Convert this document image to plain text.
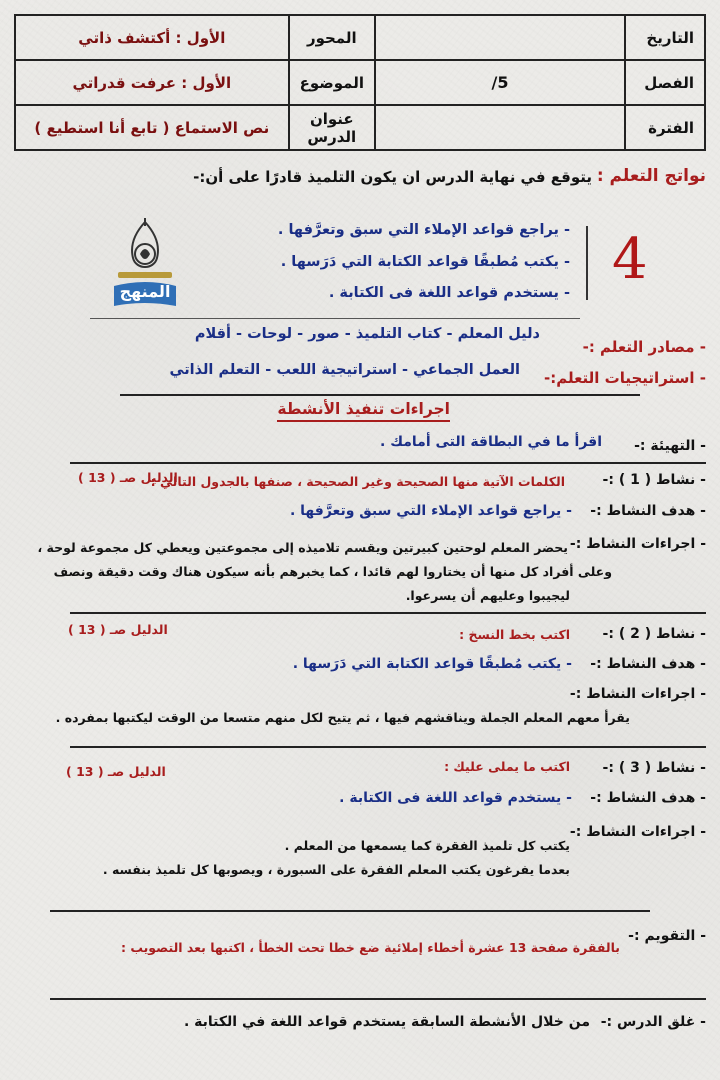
التاريخ		المحور	الأول : أكتشف ذاتي
الفصل	5/	الموضوع	الأول : عرفت قدراتي
الفترة		عنوان الدرس	نص الاستماع ( تابع أنا استطيع )
نواتج التعلم :
يتوقع في نهاية الدرس ان يكون التلميذ قادرًا على أن:-
4
- يراجع قواعد الإملاء التي سبق وتعرَّفها .
- يكتب مُطبقًا قواعد الكتابة التي دَرَسها .
- يستخدم قواعد اللغة فى الكتابة .
المنهج
- مصادر التعلم :-
دليل المعلم - كتاب التلميذ - صور - لوحات - أقلام
- استراتيجيات التعلم:-
العمل الجماعي - استراتيجية اللعب - التعلم الذاتي
اجراءات تنفيذ الأنشطة
- التهيئة :-
اقرأ ما في البطاقة التى أمامك .
- نشاط ( 1 ) :-
الكلمات الآتية منها الصحيحة وغير الصحيحة ، صنفها بالجدول التالي :
الدليل صـ ( 13 )
- هدف النشاط :-
- يراجع قواعد الإملاء التي سبق وتعرَّفها .
- اجراءات النشاط :-
يحضر المعلم لوحتين كبيرتين ويقسم تلاميذه إلى مجموعتين ويعطي كل مجموعة لوحة ،
وعلى أفراد كل منها أن يختاروا لهم قائدا ، كما يخبرهم بأنه سيكون هناك وقت دقيقة ونصف
ليجيبوا وعليهم أن يسرعوا.
- نشاط ( 2 ) :-
اكتب بخط النسخ :
الدليل صـ ( 13 )
- هدف النشاط :-
- يكتب مُطبقًا قواعد الكتابة التي دَرَسها .
- اجراءات النشاط :-
يقرأ معهم المعلم الجملة ويناقشهم فيها ، ثم يتيح لكل منهم متسعا من الوقت ليكتبها بمفرده .
- نشاط ( 3 ) :-
اكتب ما يملى عليك :
الدليل صـ ( 13 )
- هدف النشاط :-
- يستخدم قواعد اللغة فى الكتابة .
- اجراءات النشاط :-
يكتب كل تلميذ الفقرة كما يسمعها من المعلم .
بعدما يفرغون يكتب المعلم الفقرة على السبورة ، ويصوبها كل تلميذ بنفسه .
- التقويم :-
بالفقرة صفحة 13 عشرة أخطاء إملائية ضع خطا تحت الخطأ ، اكتبها بعد التصويب :
- غلق الدرس :-
من خلال الأنشطة السابقة يستخدم قواعد اللغة في الكتابة .
